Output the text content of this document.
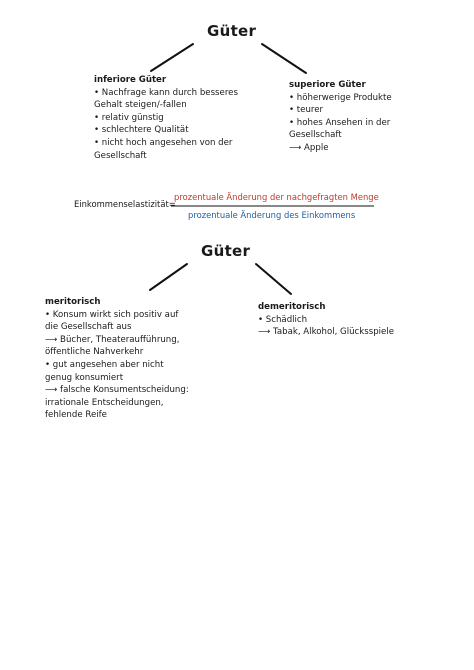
Güter
inferiore Güter
• Nachfrage kann durch besseres
Gehalt steigen/-fallen
• relativ günstig
• schlechtere Qualität
• nicht hoch angesehen von der
Gesellschaft
superiore Güter
• höherwerige Produkte
• teurer
• hohes Ansehen in der
Gesellschaft
⟶ Apple
Einkommenselastizität=
prozentuale Änderung der nachgefragten Menge
prozentuale Änderung des Einkommens
Güter
meritorisch
• Konsum wirkt sich positiv auf
die Gesellschaft aus
⟶ Bücher, Theateraufführung,
öffentliche Nahverkehr
• gut angesehen aber nicht
genug konsumiert
⟶ falsche Konsumentscheidung:
irrationale Entscheidungen,
fehlende Reife
demeritorisch
• Schädlich
⟶ Tabak, Alkohol, Glücksspiele
